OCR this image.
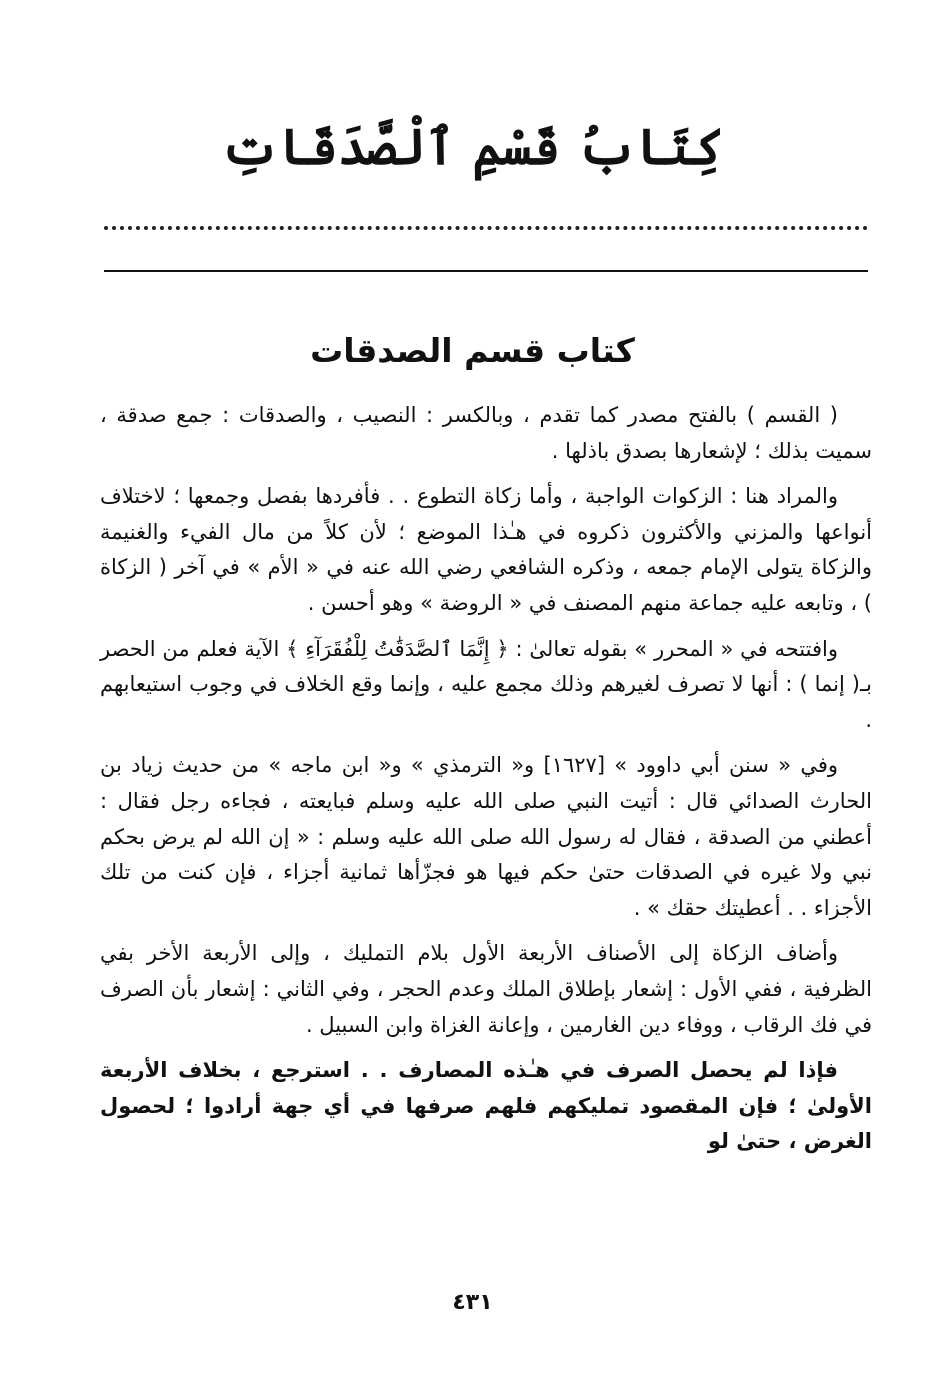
كِتَابُ قَسْمِ ٱلْصَّدَقَاتِ
كتاب قسم الصدقات

( القسم ) بالفتح مصدر كما تقدم ، وبالكسر : النصيب ، والصدقات : جمع صدقة ، سميت بذلك ؛ لإشعارها بصدق باذلها .

والمراد هنا : الزكوات الواجبة ، وأما زكاة التطوع . . فأفردها بفصل وجمعها ؛ لاختلاف أنواعها والمزني والأكثرون ذكروه في هـٰذا الموضع ؛ لأن كلاً من مال الفيء والغنيمة والزكاة يتولى الإمام جمعه ، وذكره الشافعي رضي الله عنه في « الأم » في آخر ( الزكاة ) ، وتابعه عليه جماعة منهم المصنف في « الروضة » وهو أحسن .

وافتتحه في « المحرر » بقوله تعالىٰ : ﴿ إِنَّمَا ٱلصَّدَقَٰتُ لِلْفُقَرَآءِ ﴾ الآية فعلم من الحصر بـ( إنما ) : أنها لا تصرف لغيرهم وذلك مجمع عليه ، وإنما وقع الخلاف في وجوب استيعابهم .

وفي « سنن أبي داوود » [١٦٢٧] و« الترمذي » و« ابن ماجه » من حديث زياد بن الحارث الصدائي قال : أتيت النبي صلى الله عليه وسلم فبايعته ، فجاءه رجل فقال : أعطني من الصدقة ، فقال له رسول الله صلى الله عليه وسلم : « إن الله لم يرض بحكم نبي ولا غيره في الصدقات حتىٰ حكم فيها هو فجزّأها ثمانية أجزاء ، فإن كنت من تلك الأجزاء . . أعطيتك حقك » .

وأضاف الزكاة إلى الأصناف الأربعة الأول بلام التمليك ، وإلى الأربعة الأخر بفي الظرفية ، ففي الأول : إشعار بإطلاق الملك وعدم الحجر ، وفي الثاني : إشعار بأن الصرف في فك الرقاب ، ووفاء دين الغارمين ، وإعانة الغزاة وابن السبيل .

فإذا لم يحصل الصرف في هـٰذه المصارف . . استرجع ، بخلاف الأربعة الأولىٰ ؛ فإن المقصود تمليكهم فلهم صرفها في أي جهة أرادوا ؛ لحصول الغرض ، حتىٰ لو

٤٣١
